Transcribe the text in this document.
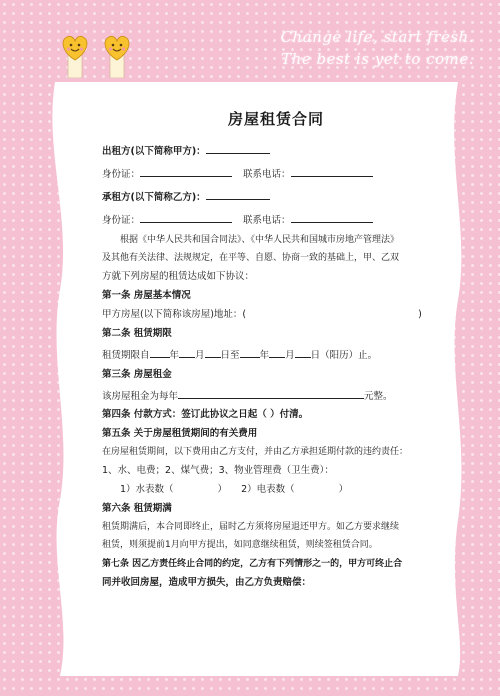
Change life, start fresh.
The best is yet to come.
房屋租赁合同
出租方(以下简称甲方)：
身份证：	联系电话：
承租方(以下简称乙方)：
身份证：	联系电话：
根据《中华人民共和国合同法》、《中华人民共和国城市房地产管理法》
及其他有关法律、法规规定，在平等、自愿、协商一致的基础上，甲、乙双
方就下列房屋的租赁达成如下协议：
第一条 房屋基本情况
甲方房屋(以下简称该房屋)地址：(	)
第二条 租赁期限
租赁期限自 年 月 日至 年 月 日（阳历）止。
第三条 房屋租金
该房屋租金为每年	元整。
第四条 付款方式：签订此协议之日起（ ）付清。
第五条 关于房屋租赁期间的有关费用
在房屋租赁期间，以下费用由乙方支付，并由乙方承担延期付款的违约责任：
1、水、电费；2、煤气费；3、物业管理费（卫生费）：
1）水表数（	） 2）电表数（	）
第六条 租赁期满
租赁期满后，本合同即终止，届时乙方须将房屋退还甲方。如乙方要求继续
租赁，则须提前1月向甲方提出，如同意继续租赁，则续签租赁合同。
第七条 因乙方责任终止合同的约定，乙方有下列情形之一的，甲方可终止合
同并收回房屋，造成甲方损失，由乙方负责赔偿：
